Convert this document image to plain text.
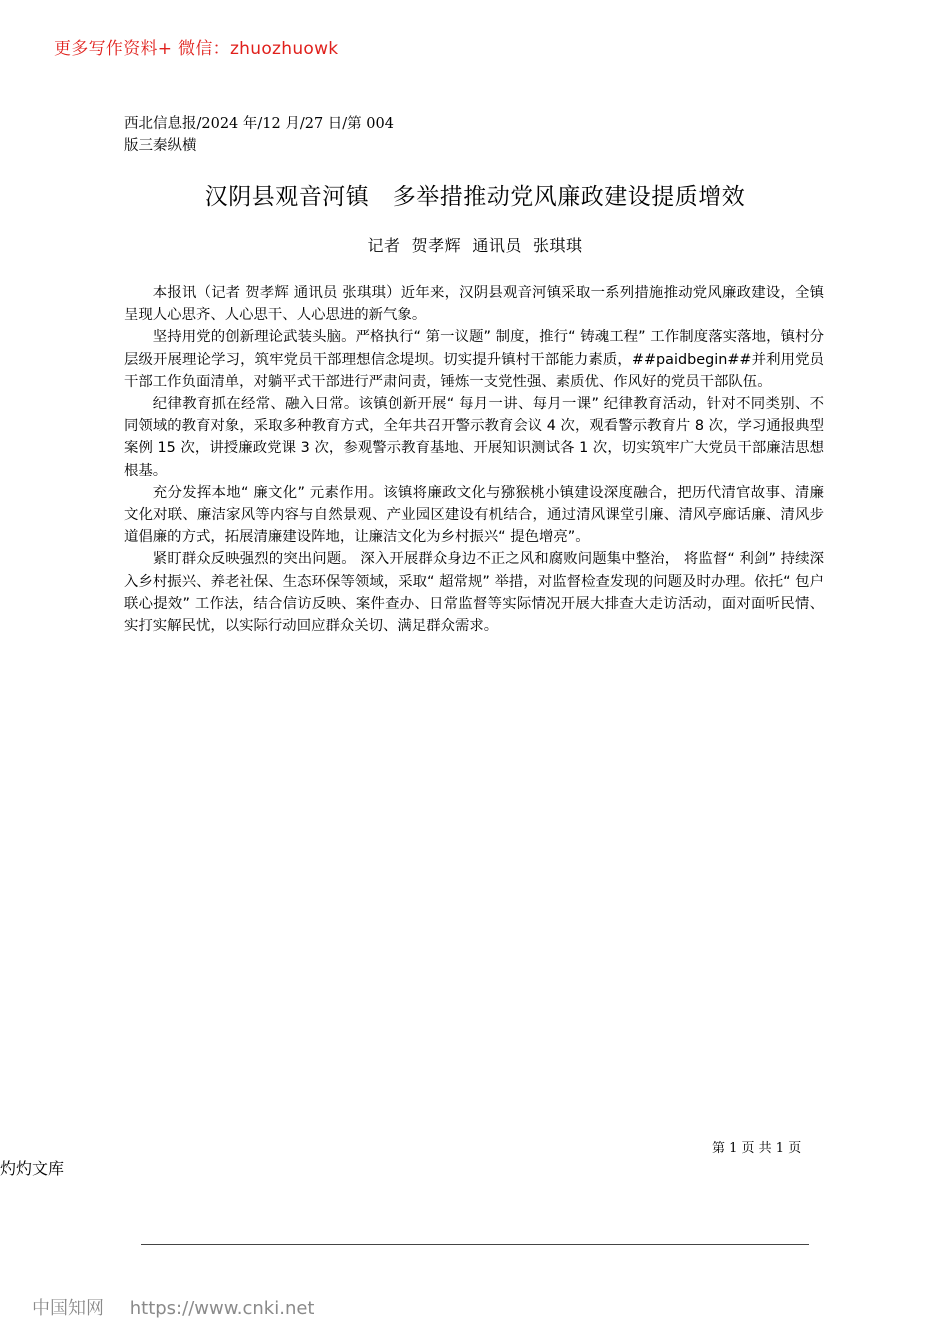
更多写作资料+ 微信：zhuozhuowk
西北信息报/2024 年/12 月/27 日/第 004
版三秦纵横
汉阴县观音河镇   多举措推动党风廉政建设提质增效
记者  贺孝辉  通讯员  张琪琪

本报讯（记者 贺孝辉 通讯员 张琪琪）近年来，汉阴县观音河镇采取一系列措施推动党风廉政建设，全镇呈现人心思齐、人心思干、人心思进的新气象。

坚持用党的创新理论武装头脑。严格执行“ 第一议题” 制度，推行“ 铸魂工程” 工作制度落实落地，镇村分层级开展理论学习，筑牢党员干部理想信念堤坝。切实提升镇村干部能力素质，##paidbegin##并利用党员干部工作负面清单，对躺平式干部进行严肃问责，锤炼一支党性强、素质优、作风好的党员干部队伍。

纪律教育抓在经常、融入日常。该镇创新开展“ 每月一讲、每月一课” 纪律教育活动，针对不同类别、不同领域的教育对象，采取多种教育方式，全年共召开警示教育会议 4 次，观看警示教育片 8 次，学习通报典型案例 15 次，讲授廉政党课 3 次，参观警示教育基地、开展知识测试各 1 次，切实筑牢广大党员干部廉洁思想根基。

充分发挥本地“ 廉文化” 元素作用。该镇将廉政文化与猕猴桃小镇建设深度融合，把历代清官故事、清廉文化对联、廉洁家风等内容与自然景观、产业园区建设有机结合，通过清风课堂引廉、清风亭廊话廉、清风步道倡廉的方式，拓展清廉建设阵地，让廉洁文化为乡村振兴“ 提色增亮”。

紧盯群众反映强烈的突出问题。 深入开展群众身边不正之风和腐败问题集中整治， 将监督“ 利剑” 持续深入乡村振兴、养老社保、生态环保等领域，采取“ 超常规” 举措，对监督检查发现的问题及时办理。依托“ 包户联心提效” 工作法，结合信访反映、案件查办、日常监督等实际情况开展大排查大走访活动，面对面听民情、实打实解民忧，以实际行动回应群众关切、满足群众需求。

第 1 页 共 1 页
灼灼文库
中国知网 https://www.cnki.net
